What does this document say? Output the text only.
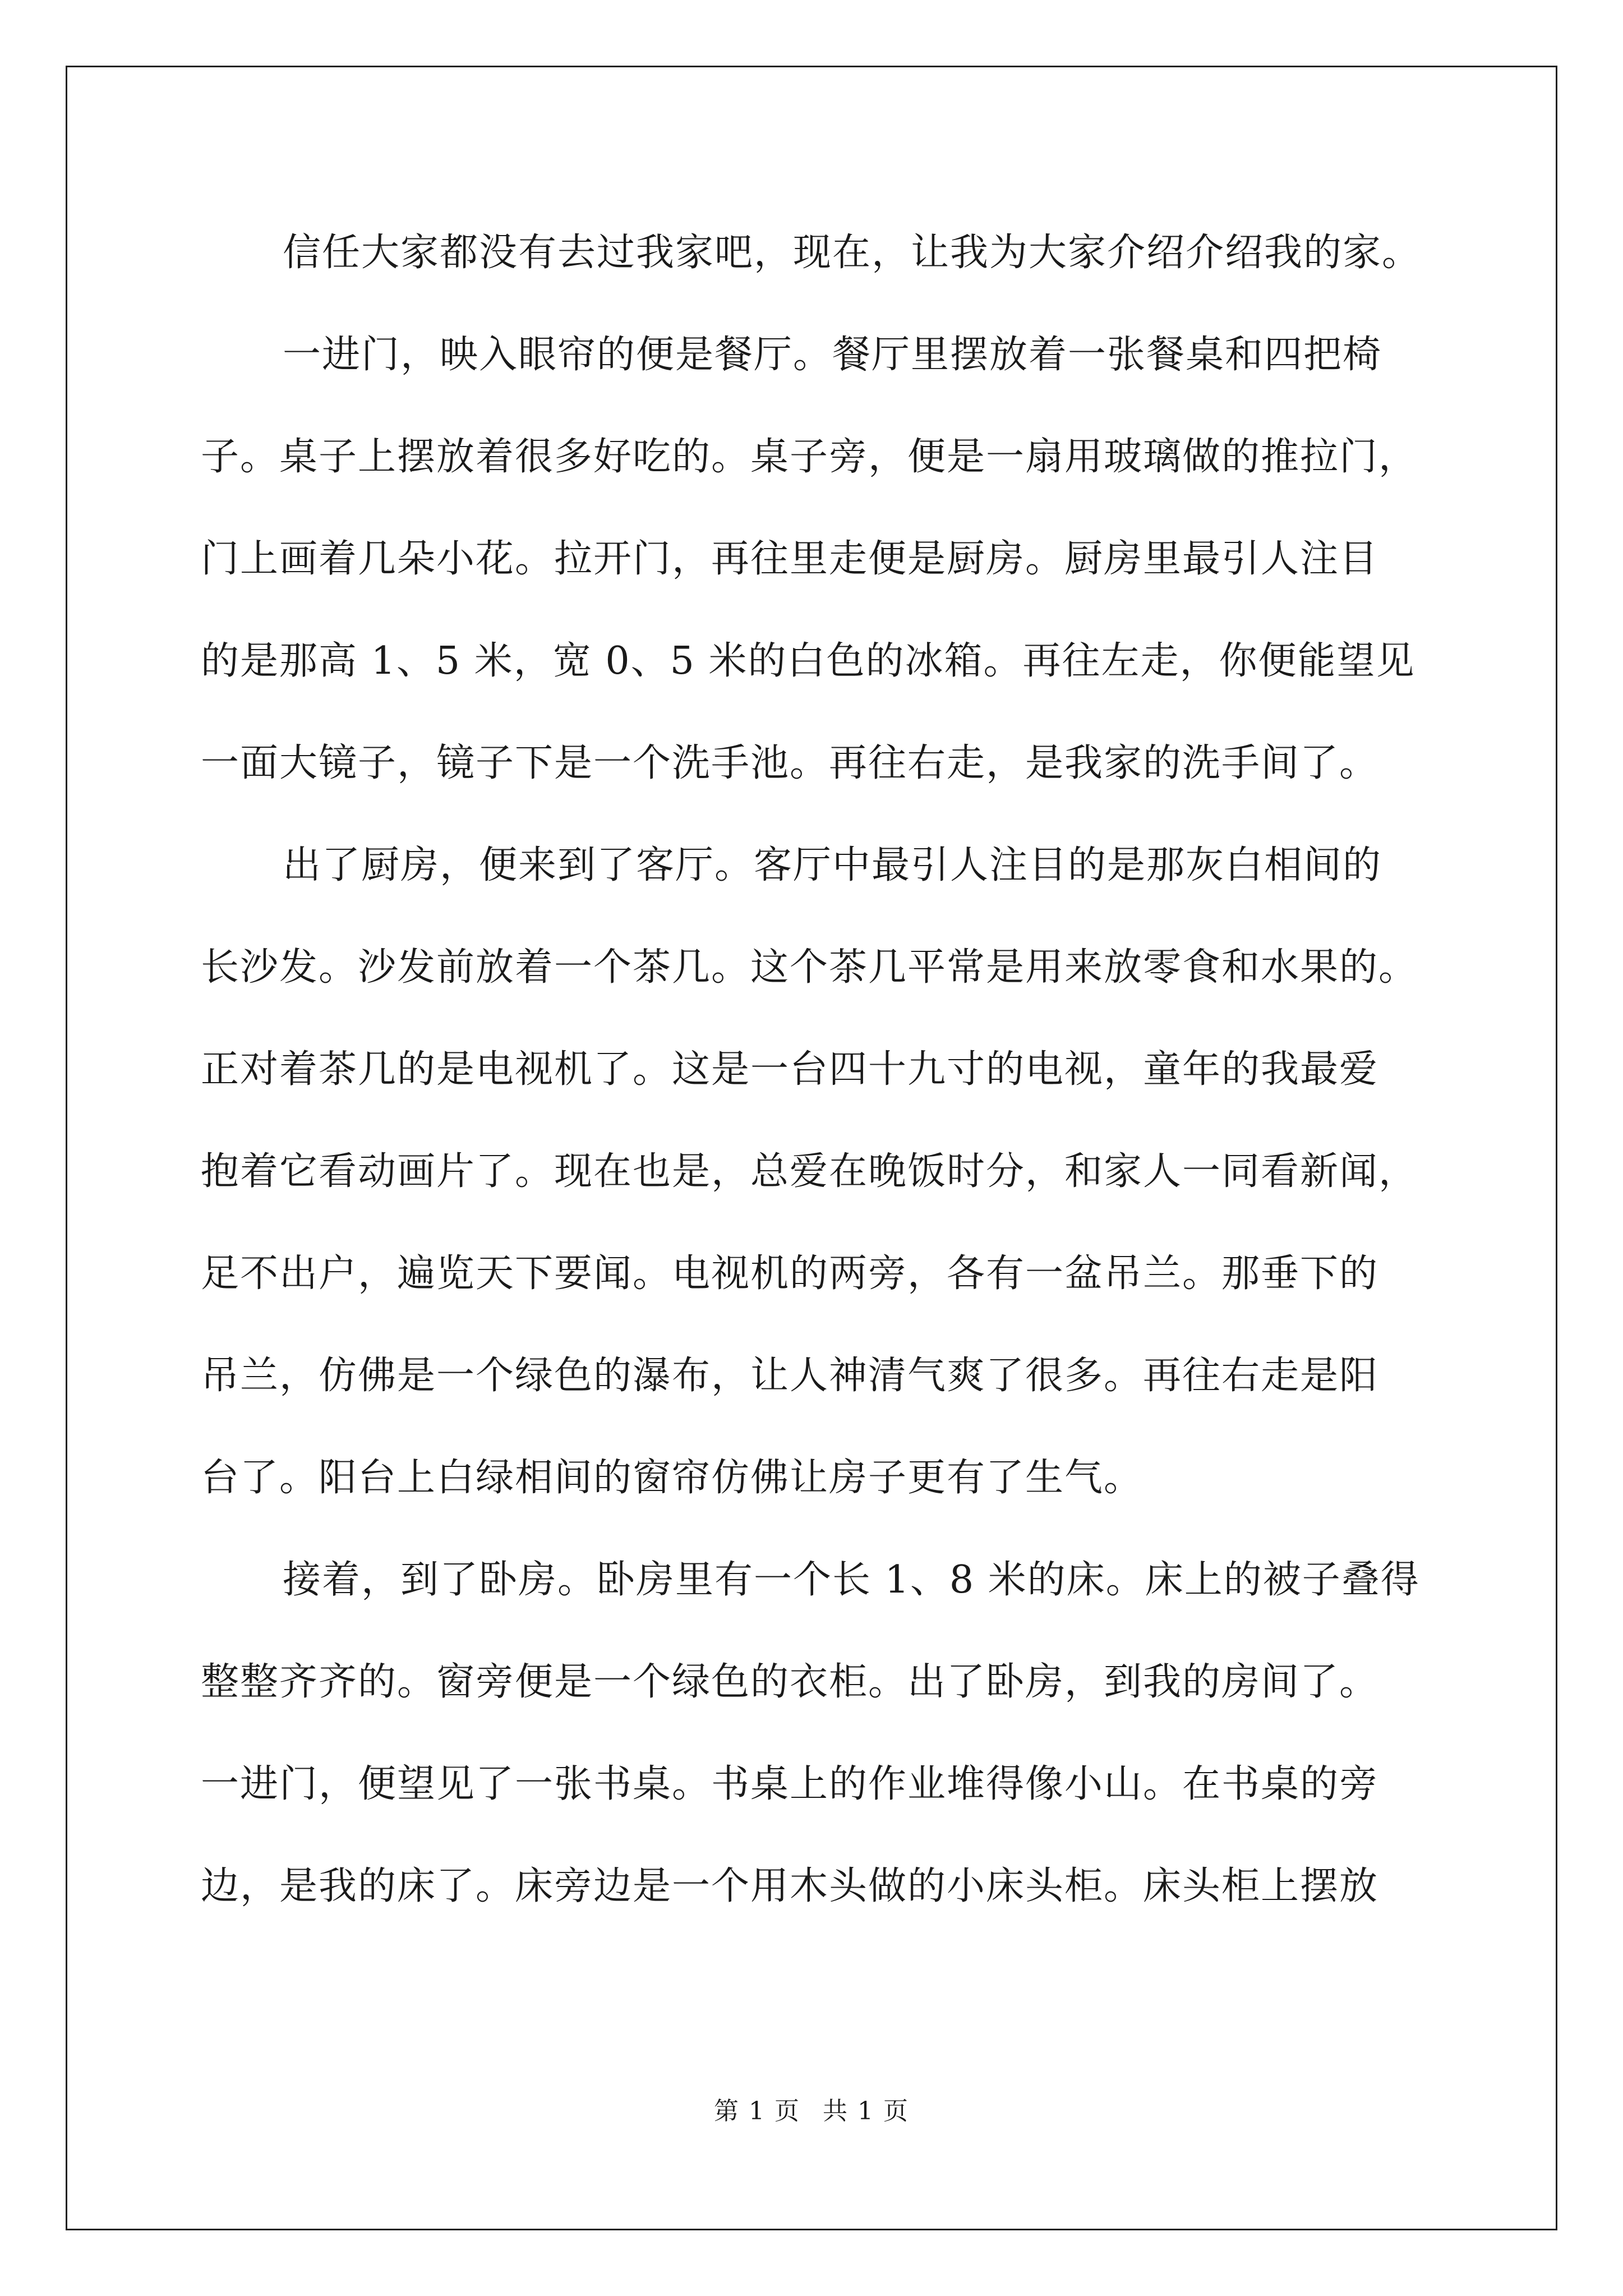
信任大家都没有去过我家吧，现在，让我为大家介绍介绍我的家。
一进门，映入眼帘的便是餐厅。餐厅里摆放着一张餐桌和四把椅
子。桌子上摆放着很多好吃的。桌子旁，便是一扇用玻璃做的推拉门，
门上画着几朵小花。拉开门，再往里走便是厨房。厨房里最引人注目
的是那高 1、5 米，宽 0、5 米的白色的冰箱。再往左走，你便能望见
一面大镜子，镜子下是一个洗手池。再往右走，是我家的洗手间了。
出了厨房，便来到了客厅。客厅中最引人注目的是那灰白相间的
长沙发。沙发前放着一个茶几。这个茶几平常是用来放零食和水果的。
正对着茶几的是电视机了。这是一台四十九寸的电视，童年的我最爱
抱着它看动画片了。现在也是，总爱在晚饭时分，和家人一同看新闻，
足不出户，遍览天下要闻。电视机的两旁，各有一盆吊兰。那垂下的
吊兰，仿佛是一个绿色的瀑布，让人神清气爽了很多。再往右走是阳
台了。阳台上白绿相间的窗帘仿佛让房子更有了生气。
接着，到了卧房。卧房里有一个长 1、8 米的床。床上的被子叠得
整整齐齐的。窗旁便是一个绿色的衣柜。出了卧房，到我的房间了。
一进门，便望见了一张书桌。书桌上的作业堆得像小山。在书桌的旁
边，是我的床了。床旁边是一个用木头做的小床头柜。床头柜上摆放
第 1 页 共 1 页
